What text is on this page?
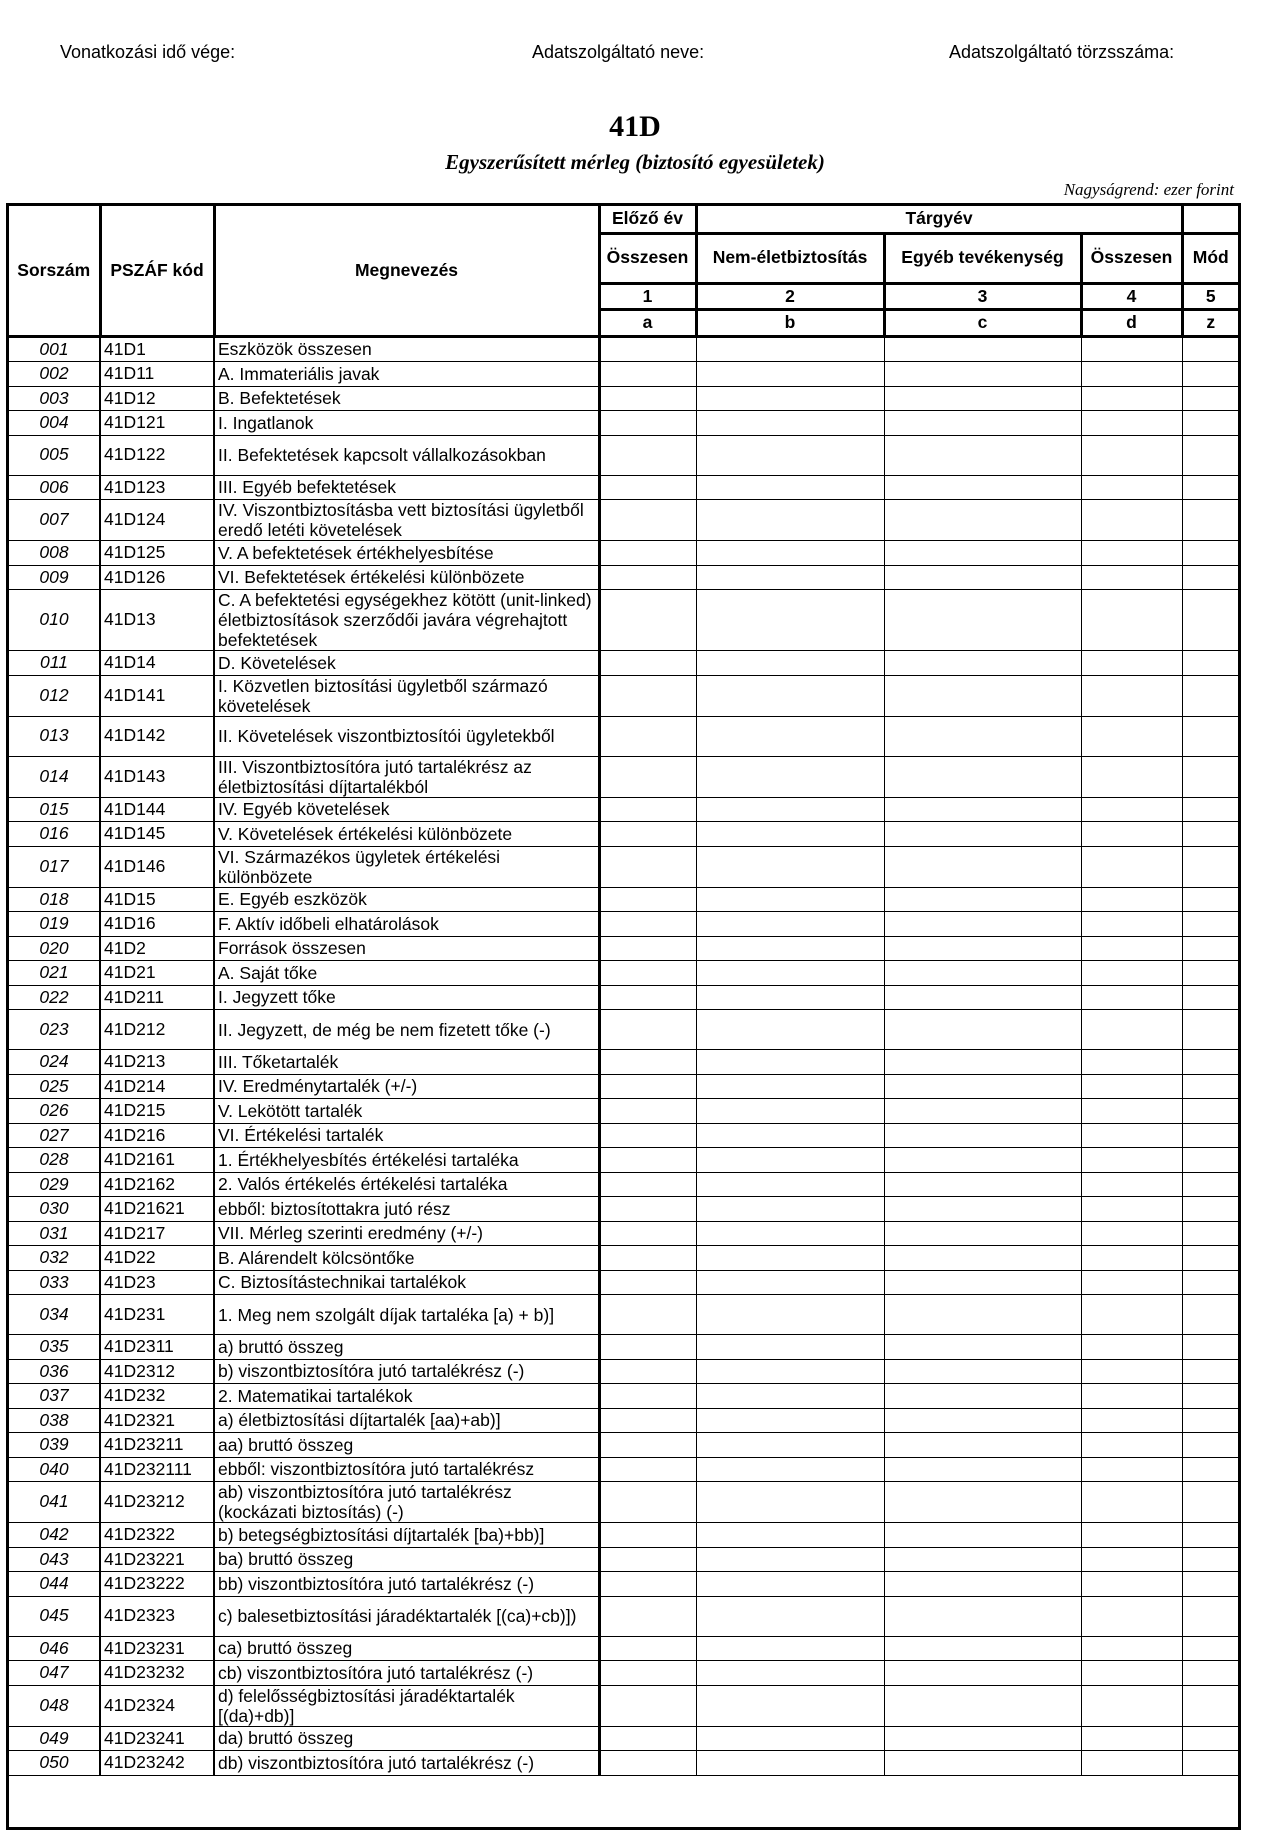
Vonatkozási idő vége:	Adatszolgáltató neve:	Adatszolgáltató törzsszáma:
41D
Egyszerűsített mérleg (biztosító egyesületek)
Nagyságrend: ezer forint
Sorszám	PSZÁF kód	Megnevezés	Előző év	Tárgyév			
			Összesen	Nem-életbiztosítás	Egyéb tevékenység	Összesen	Mód
			1	2	3	4	5
			a	b	c	d	z
001	41D1	Eszközök összesen					
002	41D11	A. Immateriális javak					
003	41D12	B. Befektetések					
004	41D121	I. Ingatlanok					
005	41D122	II. Befektetések kapcsolt vállalkozásokban					
006	41D123	III. Egyéb befektetések					
007	41D124	IV. Viszontbiztosításba vett biztosítási ügyletből eredő letéti követelések					
008	41D125	V. A befektetések értékhelyesbítése					
009	41D126	VI. Befektetések értékelési különbözete					
010	41D13	C. A befektetési egységekhez kötött (unit-linked) életbiztosítások szerződői javára végrehajtott befektetések					
011	41D14	D. Követelések					
012	41D141	I. Közvetlen biztosítási ügyletből származó követelések					
013	41D142	II. Követelések viszontbiztosítói ügyletekből					
014	41D143	III. Viszontbiztosítóra jutó tartalékrész az életbiztosítási díjtartalékból					
015	41D144	IV. Egyéb követelések					
016	41D145	V. Követelések értékelési különbözete					
017	41D146	VI. Származékos ügyletek értékelési különbözete					
018	41D15	E. Egyéb eszközök					
019	41D16	F. Aktív időbeli elhatárolások					
020	41D2	Források összesen					
021	41D21	A. Saját tőke					
022	41D211	I. Jegyzett tőke					
023	41D212	II. Jegyzett, de még be nem fizetett tőke (-)					
024	41D213	III. Tőketartalék					
025	41D214	IV. Eredménytartalék (+/-)					
026	41D215	V. Lekötött tartalék					
027	41D216	VI. Értékelési tartalék					
028	41D2161	1. Értékhelyesbítés értékelési tartaléka					
029	41D2162	2. Valós értékelés értékelési tartaléka					
030	41D21621	ebből: biztosítottakra jutó rész					
031	41D217	VII. Mérleg szerinti eredmény (+/-)					
032	41D22	B. Alárendelt kölcsöntőke					
033	41D23	C. Biztosítástechnikai tartalékok					
034	41D231	1. Meg nem szolgált díjak tartaléka [a) + b)]					
035	41D2311	a) bruttó összeg					
036	41D2312	b) viszontbiztosítóra jutó tartalékrész (-)					
037	41D232	2. Matematikai tartalékok					
038	41D2321	a) életbiztosítási díjtartalék [aa)+ab)]					
039	41D23211	aa) bruttó összeg					
040	41D232111	ebből: viszontbiztosítóra jutó tartalékrész					
041	41D23212	ab) viszontbiztosítóra jutó tartalékrész (kockázati biztosítás) (-)					
042	41D2322	b) betegségbiztosítási díjtartalék [ba)+bb)]					
043	41D23221	ba) bruttó összeg					
044	41D23222	bb) viszontbiztosítóra jutó tartalékrész (-)					
045	41D2323	c) balesetbiztosítási járadéktartalék [(ca)+cb)])					
046	41D23231	ca) bruttó összeg					
047	41D23232	cb) viszontbiztosítóra jutó tartalékrész (-)					
048	41D2324	d) felelősségbiztosítási járadéktartalék [(da)+db)]					
049	41D23241	da) bruttó összeg					
050	41D23242	db) viszontbiztosítóra jutó tartalékrész (-)					
